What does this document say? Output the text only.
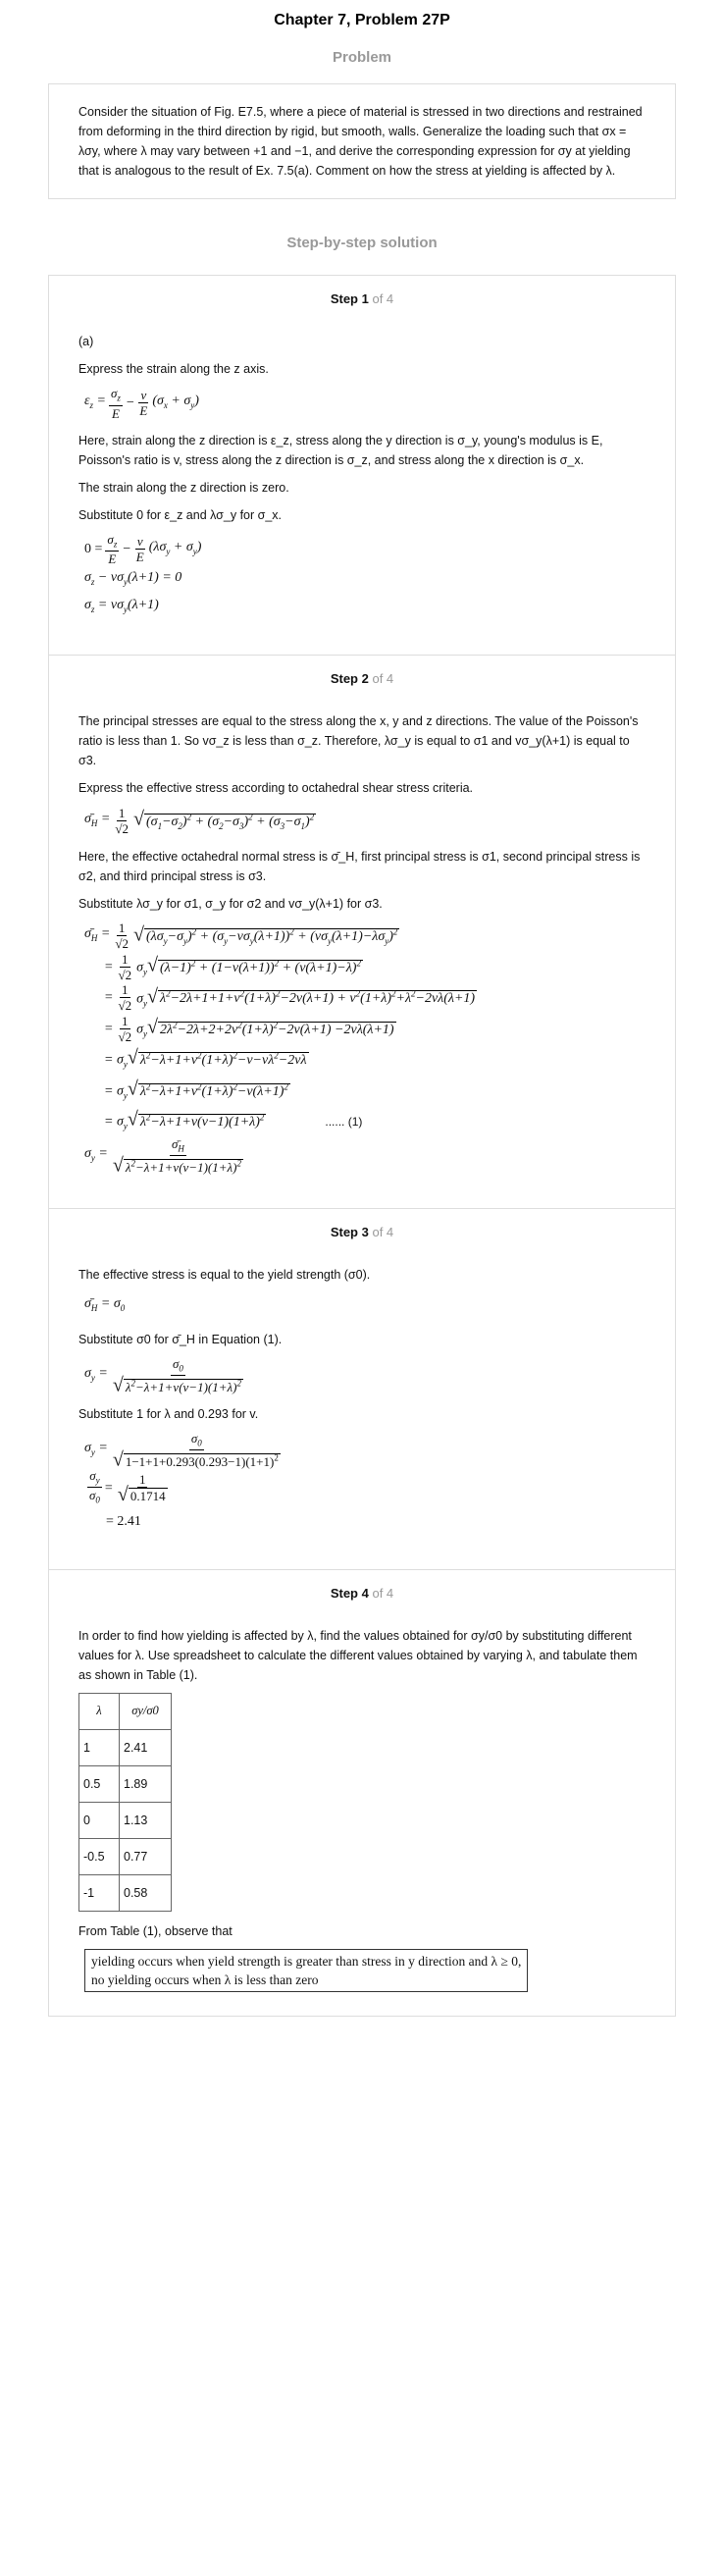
Chapter 7, Problem 27P
Problem
Consider the situation of Fig. E7.5, where a piece of material is stressed in two directions and restrained from deforming in the third direction by rigid, but smooth, walls. Generalize the loading such that σx = λσy, where λ may vary between +1 and −1, and derive the corresponding expression for σy at yielding that is analogous to the result of Ex. 7.5(a). Comment on how the stress at yielding is affected by λ.
Step-by-step solution
Step 1 of 4

(a)

Express the strain along the z axis.

$\varepsilon_z = \frac{\sigma_z}{E} - \frac{v}{E} (\sigma_x + \sigma_y)$

Here, strain along the z direction is ε_z, stress along the y direction is σ_y, young's modulus is E, Poisson's ratio is v, stress along the z direction is σ_z, and stress along the x direction is σ_x.

The strain along the z direction is zero.

Substitute 0 for ε_z and λσ_y for σ_x.

$0 = \frac{\sigma_z}{E} - \frac{v}{E} (\lambda\sigma_y + \sigma_y)$
$\sigma_z - v\sigma_y(\lambda+1) = 0$
$\sigma_z = v\sigma_y(\lambda+1)$
Step 2 of 4

The principal stresses are equal to the stress along the x, y and z directions. The value of the Poisson's ratio is less than 1. So vσ_z is less than σ_z. Therefore, λσ_y is equal to σ1 and vσ_y(λ+1) is equal to σ3.

Express the effective stress according to octahedral shear stress criteria.

$\sigmā_H = \frac{1}{√2}$ √ $(\sigma_1-\sigma_2)^2 + (\sigma_2-\sigma_3)^2 + (\sigma_3-\sigma_1)^2$

Here, the effective octahedral normal stress is σ̄_H, first principal stress is σ1, second principal stress is σ2, and third principal stress is σ3.

Substitute λσ_y for σ1, σ_y for σ2 and vσ_y(λ+1) for σ3.

$\sigmā_H = \frac{1}{√2}$ √ $(\lambda\sigma_y-\sigma_y)^2 + (\sigma_y-v\sigma_y(\lambda+1))^2 + (v\sigma_y(\lambda+1)-\lambda\sigma_y)^2$
= $\frac{1}{√2} \sigma_y√$ $(\lambda-1)^2 + (1-v(\lambda+1))^2 + (v(\lambda+1)-\lambda)^2$
= $\frac{1}{√2} \sigma_y√$ $\lambda^2-2\lambda+1+1+v^2(1+\lambda)^2-2v(\lambda+1) + v^2(1+\lambda)^2+\lambda^2-2v\lambda(\lambda+1)$
= $\frac{1}{√2} \sigma_y√$ $2\lambda^2-2\lambda+2+2v^2(1+\lambda)^2-2v(\lambda+1) -2v\lambda(\lambda+1)$
= $\sigma_y√$ $\lambda^2-\lambda+1+v^2(1+\lambda)^2-v-v\lambda^2-2v\lambda$
= $\sigma_y√$ $\lambda^2-\lambda+1+v^2(1+\lambda)^2-v(\lambda+1)^2$
= $\sigma_y√$ $\lambda^2-\lambda+1+v(v-1)(1+\lambda)^2$	...... (1)
$\sigma_y = \frac{\sigmā_H}{√ \lambda^2-\lambda+1+v(v-1)(1+\lambda)^2}$
Step 3 of 4

The effective stress is equal to the yield strength (σ0).

$\sigmā_H = \sigma_0$

Substitute σ0 for σ̄_H in Equation (1).

$\sigma_y = \frac{\sigma_0}{√ \lambda^2-\lambda+1+v(v-1)(1+\lambda)^2}$

Substitute 1 for λ and 0.293 for v.

$\sigma_y = \frac{\sigma_0}{√ 1-1+1+0.293(0.293-1)(1+1)^2}$
$\frac{\sigma_y}{\sigma_0} = \frac{1}{√ 0.1714}$
= 2.41
Step 4 of 4

In order to find how yielding is affected by λ, find the values obtained for σy/σ0 by substituting different values for λ. Use spreadsheet to calculate the different values obtained by varying λ, and tabulate them as shown in Table (1).

λ	σy/σ0
1	2.41
0.5	1.89
0	1.13
-0.5	0.77
-1	0.58

From Table (1), observe that

yielding occurs when yield strength is greater than stress in y direction and λ ≥ 0,
no yielding occurs when λ is less than zero
